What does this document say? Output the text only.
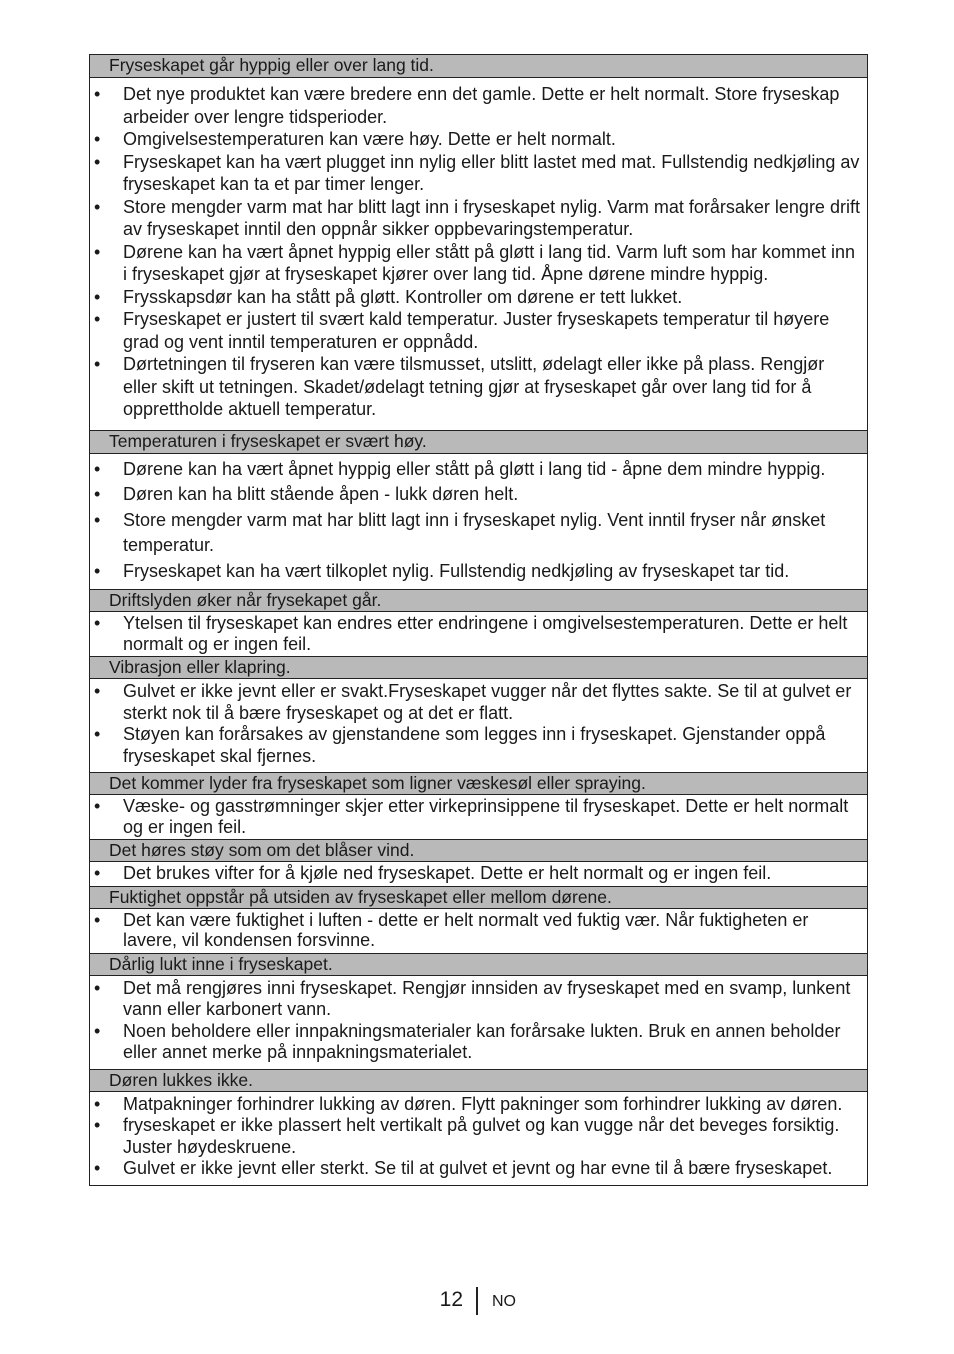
Fryseskapet går hyppig eller over lang tid.

• Det nye produktet kan være bredere enn det gamle. Dette er helt normalt. Store fryseskap arbeider over lengre tidsperioder.
• Omgivelsestemperaturen kan være høy. Dette er helt normalt.
• Fryseskapet kan ha vært plugget inn nylig eller blitt lastet med mat. Fullstendig nedkjøling av fryseskapet kan ta et par timer lenger.
• Store mengder varm mat har blitt lagt inn i fryseskapet nylig. Varm mat forårsaker lengre drift av fryseskapet inntil den oppnår sikker oppbevaringstemperatur.
• Dørene kan ha vært åpnet hyppig eller stått på gløtt i lang tid. Varm luft som har kommet inn i fryseskapet gjør at fryseskapet kjører over lang tid. Åpne dørene mindre hyppig.
• Frysskapsdør kan ha stått på gløtt. Kontroller om dørene er tett lukket.
• Fryseskapet er justert til svært kald temperatur. Juster fryseskapets temperatur til høyere grad og vent inntil temperaturen er oppnådd.
• Dørtetningen til fryseren kan være tilsmusset, utslitt, ødelagt eller ikke på plass. Rengjør eller skift ut tetningen. Skadet/ødelagt tetning gjør at fryseskapet går over lang tid for å opprettholde aktuell temperatur.

Temperaturen i fryseskapet er svært høy.

• Dørene kan ha vært åpnet hyppig eller stått på gløtt i lang tid - åpne dem mindre hyppig.
• Døren kan ha blitt stående åpen - lukk døren helt.
• Store mengder varm mat har blitt lagt inn i fryseskapet nylig. Vent inntil fryser når ønsket temperatur.
• Fryseskapet kan ha vært tilkoplet nylig. Fullstendig nedkjøling av fryseskapet tar tid.

Driftslyden øker når frysekapet går.

• Ytelsen til fryseskapet kan endres etter endringene i omgivelsestemperaturen. Dette er helt normalt og er ingen feil.

Vibrasjon eller klapring.

• Gulvet er ikke jevnt eller er svakt.Fryseskapet vugger når det flyttes sakte. Se til at gulvet er sterkt nok til å bære fryseskapet og at det er flatt.
• Støyen kan forårsakes av gjenstandene som legges inn i fryseskapet. Gjenstander oppå fryseskapet skal fjernes.

Det kommer lyder fra fryseskapet som ligner væskesøl eller spraying.

• Væske- og gasstrømninger skjer etter virkeprinsippene til fryseskapet. Dette er helt normalt og er ingen feil.

Det høres støy som om det blåser vind.

• Det brukes vifter for å kjøle ned fryseskapet. Dette er helt normalt og er ingen feil.

Fuktighet oppstår på utsiden av fryseskapet eller mellom dørene.

• Det kan være fuktighet i luften - dette er helt normalt ved fuktig vær. Når fuktigheten er lavere, vil kondensen forsvinne.

Dårlig lukt inne i fryseskapet.

• Det må rengjøres inni fryseskapet. Rengjør innsiden av fryseskapet med en svamp, lunkent vann eller karbonert vann.
• Noen beholdere eller innpakningsmaterialer kan forårsake lukten. Bruk en annen beholder eller annet merke på innpakningsmaterialet.

Døren lukkes ikke.

• Matpakninger forhindrer lukking av døren. Flytt pakninger som forhindrer lukking av døren.
• fryseskapet er ikke plassert helt vertikalt på gulvet og kan vugge når det beveges forsiktig. Juster høydeskruene.
• Gulvet er ikke jevnt eller sterkt. Se til at gulvet et jevnt og har evne til å bære fryseskapet.
12 NO
